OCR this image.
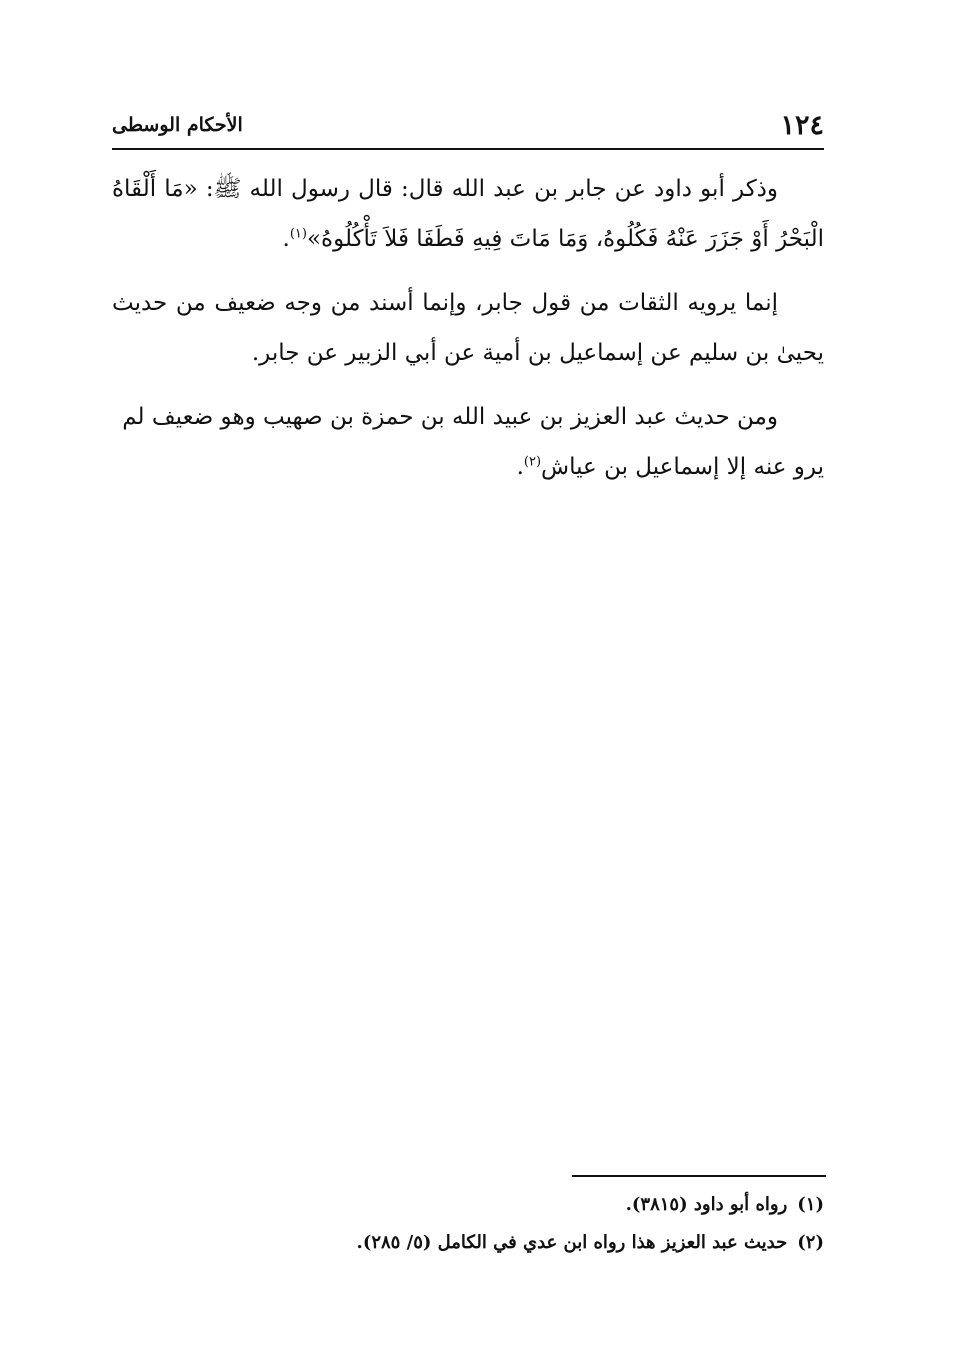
١٢٤
الأحكام الوسطى

وذكر أبو داود عن جابر بن عبد الله قال: قال رسول الله ﷺ: «مَا أَلْقَاهُ الْبَحْرُ أَوْ جَزَرَ عَنْهُ فَكُلُوهُ، وَمَا مَاتَ فِيهِ فَطَفَا فَلاَ تَأْكُلُوهُ»$^{(١)}$.

إنما يرويه الثقات من قول جابر، وإنما أسند من وجه ضعيف من حديث يحيىٰ بن سليم عن إسماعيل بن أمية عن أبي الزبير عن جابر.

ومن حديث عبد العزيز بن عبيد الله بن حمزة بن صهيب وهو ضعيف لم يرو عنه إلا إسماعيل بن عياش$^{(٢)}$.

(١)رواه أبو داود (٣٨١٥).
(٢)حديث عبد العزيز هذا رواه ابن عدي في الكامل (٥/ ٢٨٥).
